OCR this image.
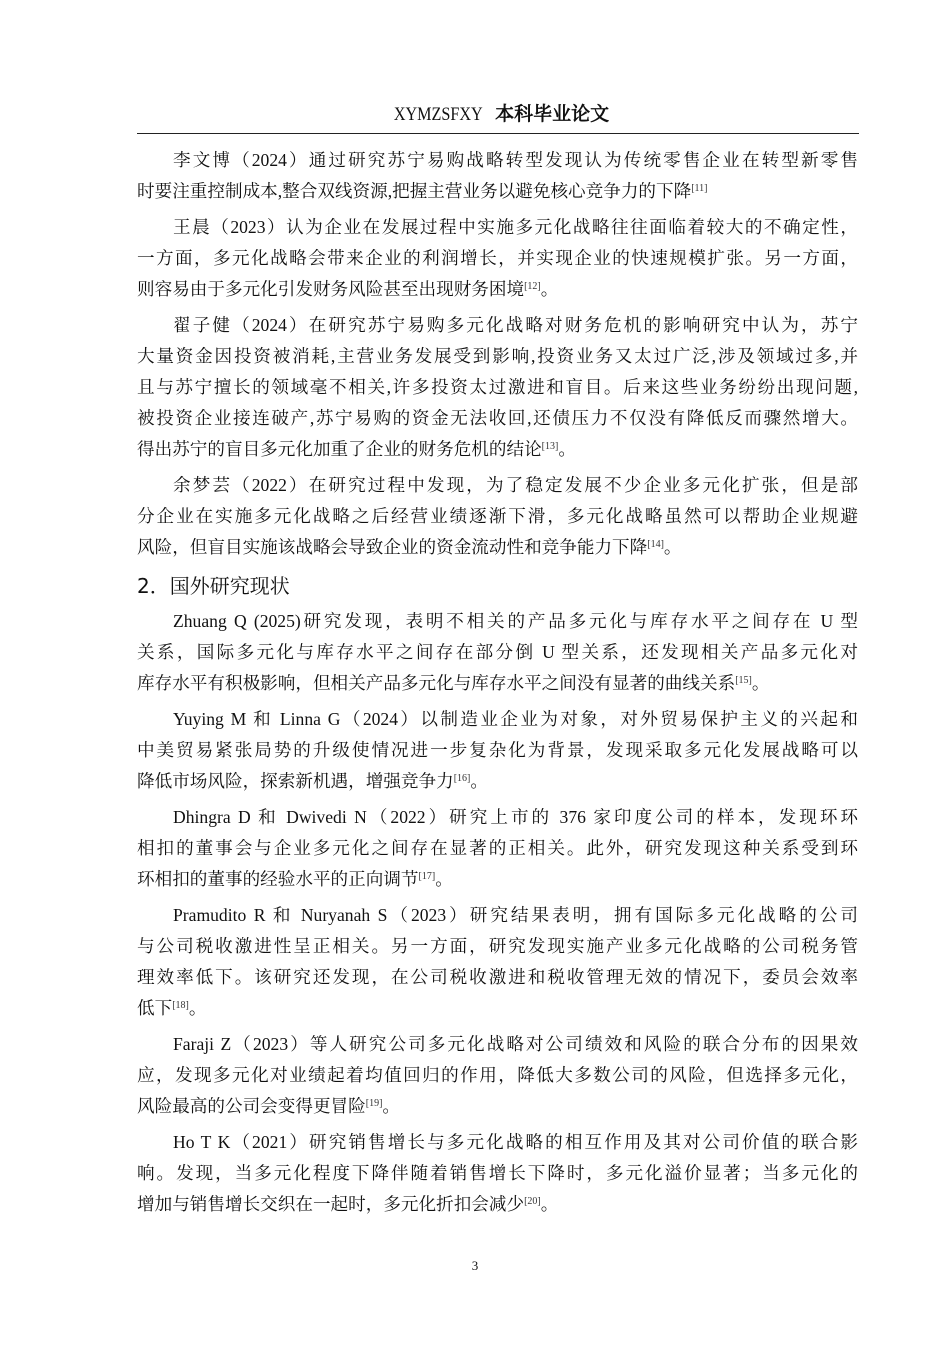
XYMZSFXY 本科毕业论文
李文博（2024）通过研究苏宁易购战略转型发现认为传统零售企业在转型新零售
时要注重控制成本,整合双线资源,把握主营业务以避免核心竞争力的下降[11]
王晨（2023）认为企业在发展过程中实施多元化战略往往面临着较大的不确定性，
一方面，多元化战略会带来企业的利润增长，并实现企业的快速规模扩张。另一方面，
则容易由于多元化引发财务风险甚至出现财务困境[12]。
翟子健（2024）在研究苏宁易购多元化战略对财务危机的影响研究中认为，苏宁
大量资金因投资被消耗,主营业务发展受到影响,投资业务又太过广泛,涉及领域过多,并
且与苏宁擅长的领域毫不相关,许多投资太过激进和盲目。后来这些业务纷纷出现问题,
被投资企业接连破产,苏宁易购的资金无法收回,还债压力不仅没有降低反而骤然增大。
得出苏宁的盲目多元化加重了企业的财务危机的结论[13]。
余梦芸（2022）在研究过程中发现，为了稳定发展不少企业多元化扩张，但是部
分企业在实施多元化战略之后经营业绩逐渐下滑，多元化战略虽然可以帮助企业规避
风险，但盲目实施该战略会导致企业的资金流动性和竞争能力下降[14]。
2．国外研究现状
Zhuang Q (2025)研究发现，表明不相关的产品多元化与库存水平之间存在 U 型
关系，国际多元化与库存水平之间存在部分倒 U 型关系，还发现相关产品多元化对
库存水平有积极影响，但相关产品多元化与库存水平之间没有显著的曲线关系[15]。
Yuying M 和 Linna G（2024）以制造业企业为对象，对外贸易保护主义的兴起和
中美贸易紧张局势的升级使情况进一步复杂化为背景，发现采取多元化发展战略可以
降低市场风险，探索新机遇，增强竞争力[16]。
Dhingra D 和 Dwivedi N（2022）研究上市的 376 家印度公司的样本，发现环环
相扣的董事会与企业多元化之间存在显著的正相关。此外，研究发现这种关系受到环
环相扣的董事的经验水平的正向调节[17]。
Pramudito R 和 Nuryanah S（2023）研究结果表明，拥有国际多元化战略的公司
与公司税收激进性呈正相关。另一方面，研究发现实施产业多元化战略的公司税务管
理效率低下。该研究还发现，在公司税收激进和税收管理无效的情况下，委员会效率
低下[18]。
Faraji Z（2023）等人研究公司多元化战略对公司绩效和风险的联合分布的因果效
应，发现多元化对业绩起着均值回归的作用，降低大多数公司的风险，但选择多元化，
风险最高的公司会变得更冒险[19]。
Ho T K（2021）研究销售增长与多元化战略的相互作用及其对公司价值的联合影
响。发现，当多元化程度下降伴随着销售增长下降时，多元化溢价显著；当多元化的
增加与销售增长交织在一起时，多元化折扣会减少[20]。
3
